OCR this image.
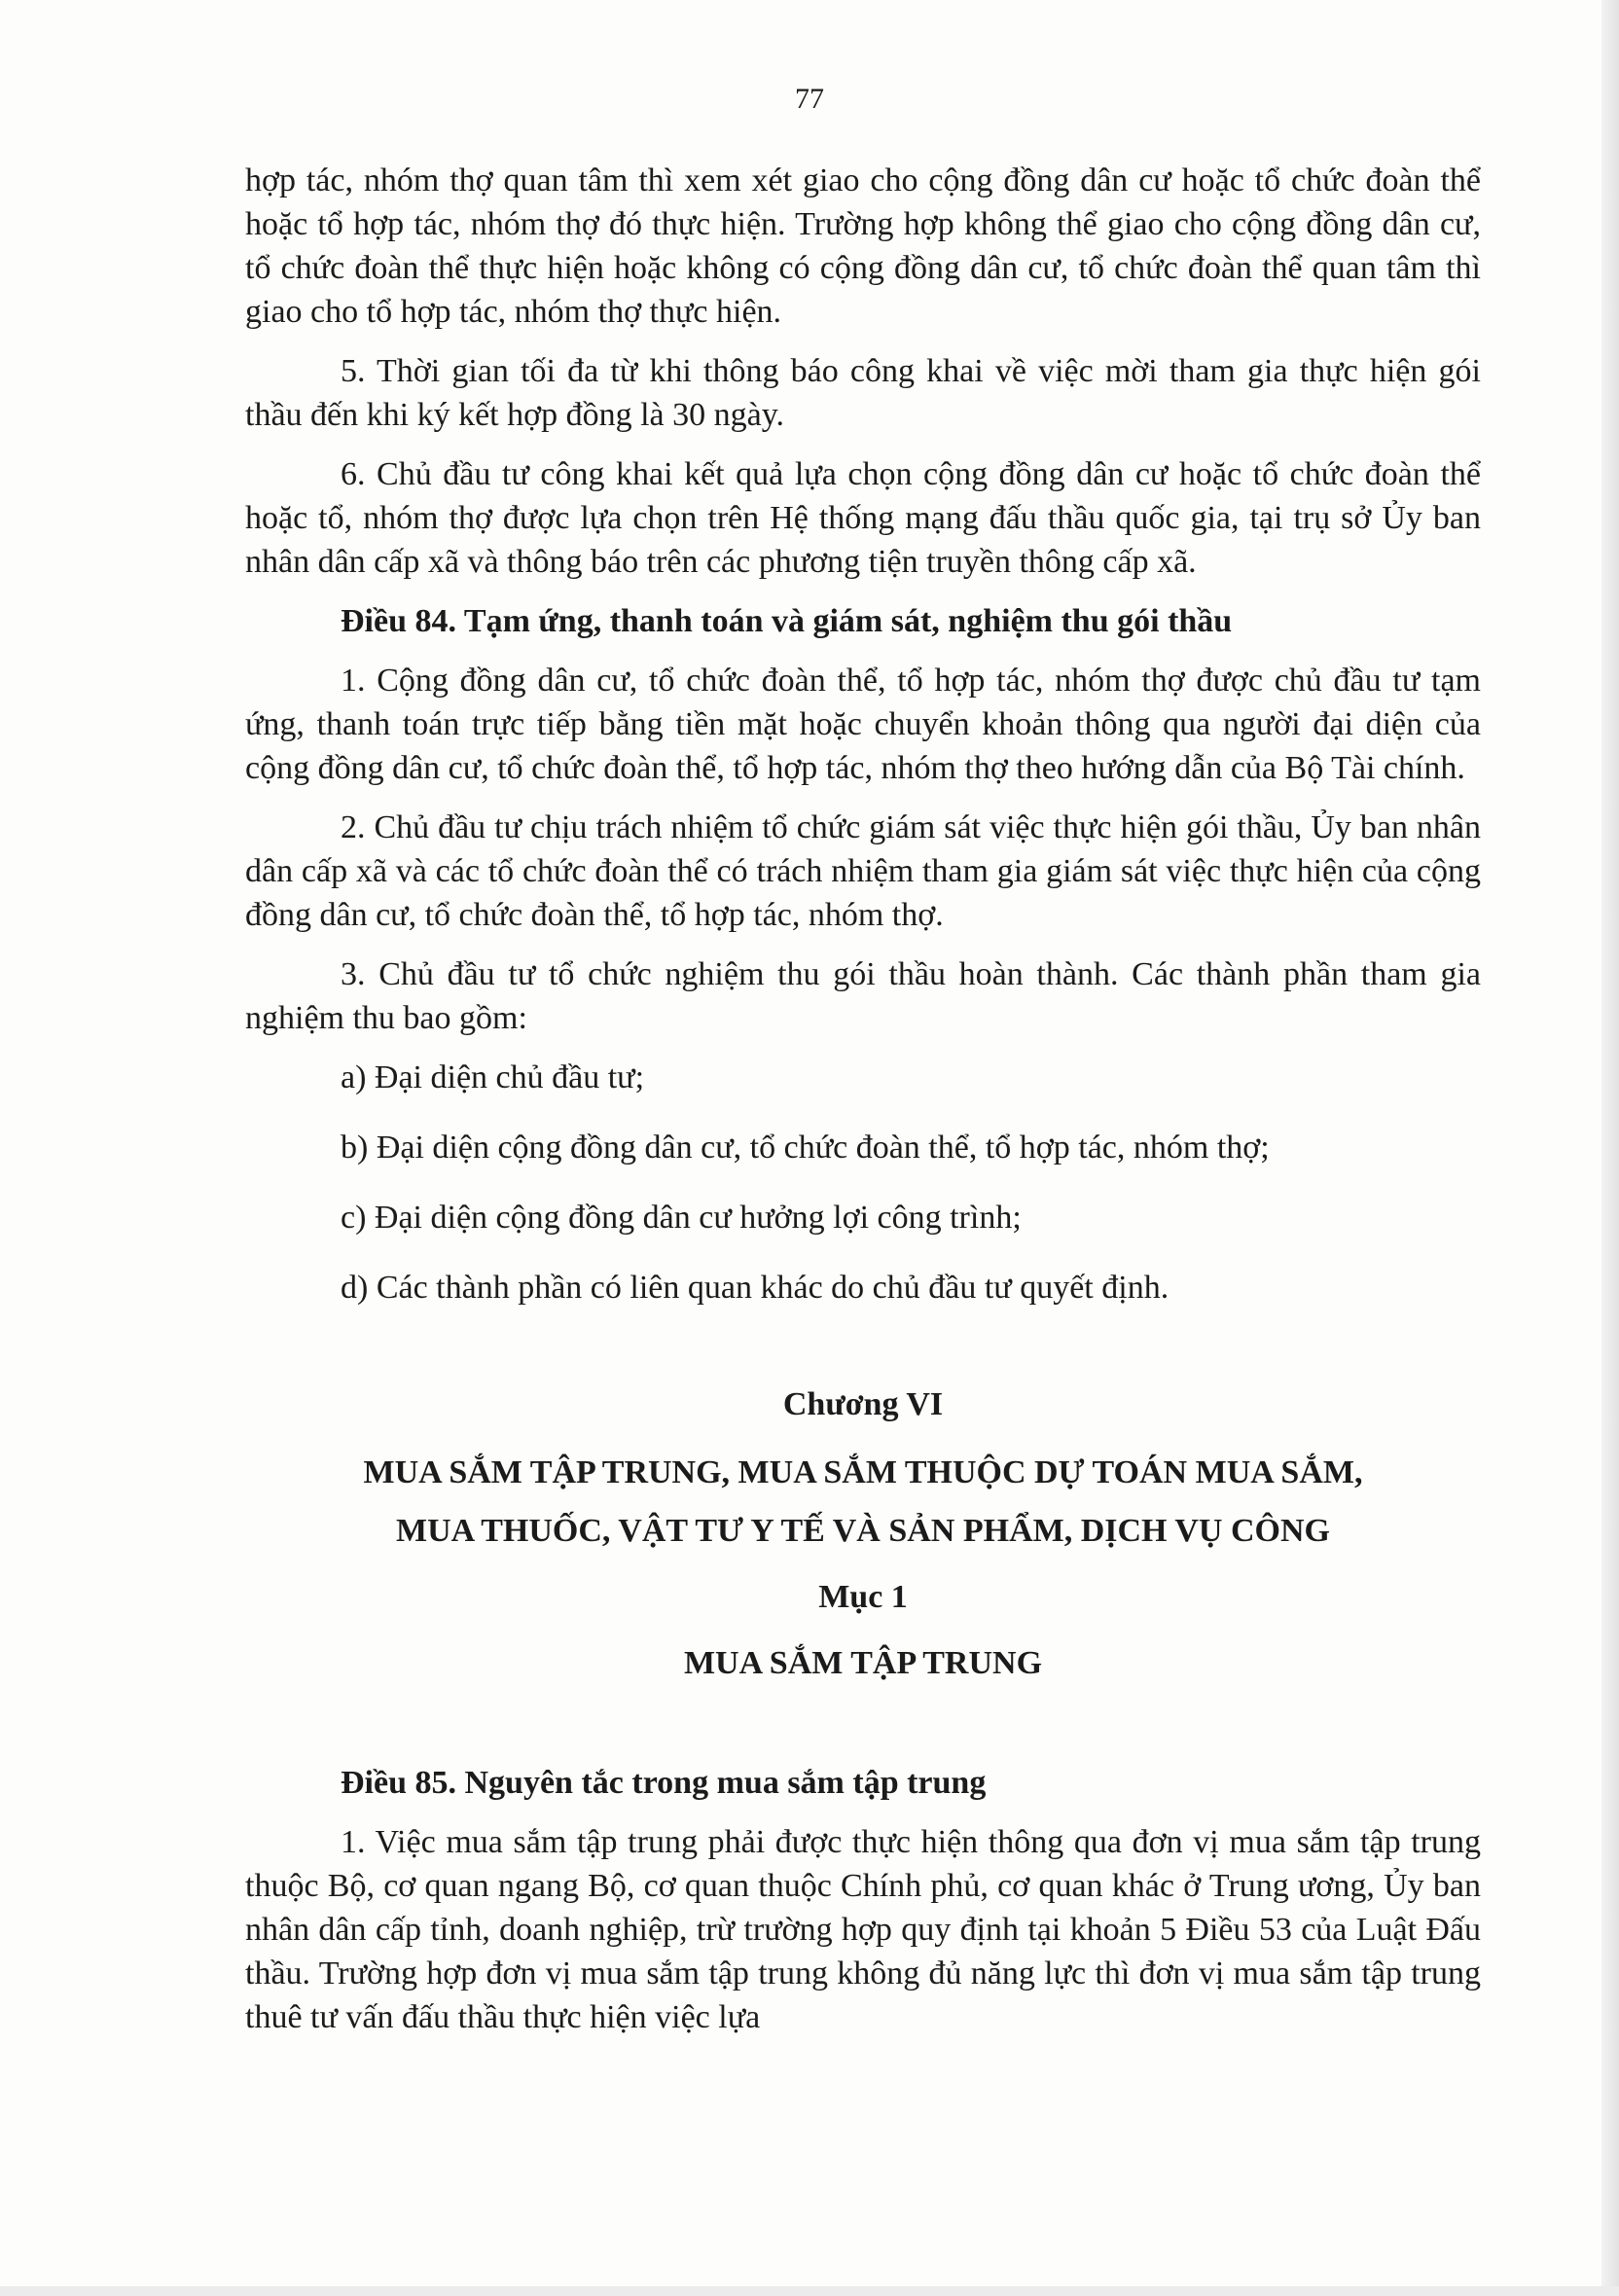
77

hợp tác, nhóm thợ quan tâm thì xem xét giao cho cộng đồng dân cư hoặc tổ chức đoàn thể hoặc tổ hợp tác, nhóm thợ đó thực hiện. Trường hợp không thể giao cho cộng đồng dân cư, tổ chức đoàn thể thực hiện hoặc không có cộng đồng dân cư, tổ chức đoàn thể quan tâm thì giao cho tổ hợp tác, nhóm thợ thực hiện.

5. Thời gian tối đa từ khi thông báo công khai về việc mời tham gia thực hiện gói thầu đến khi ký kết hợp đồng là 30 ngày.

6. Chủ đầu tư công khai kết quả lựa chọn cộng đồng dân cư hoặc tổ chức đoàn thể hoặc tổ, nhóm thợ được lựa chọn trên Hệ thống mạng đấu thầu quốc gia, tại trụ sở Ủy ban nhân dân cấp xã và thông báo trên các phương tiện truyền thông cấp xã.

Điều 84. Tạm ứng, thanh toán và giám sát, nghiệm thu gói thầu

1. Cộng đồng dân cư, tổ chức đoàn thể, tổ hợp tác, nhóm thợ được chủ đầu tư tạm ứng, thanh toán trực tiếp bằng tiền mặt hoặc chuyển khoản thông qua người đại diện của cộng đồng dân cư, tổ chức đoàn thể, tổ hợp tác, nhóm thợ theo hướng dẫn của Bộ Tài chính.

2. Chủ đầu tư chịu trách nhiệm tổ chức giám sát việc thực hiện gói thầu, Ủy ban nhân dân cấp xã và các tổ chức đoàn thể có trách nhiệm tham gia giám sát việc thực hiện của cộng đồng dân cư, tổ chức đoàn thể, tổ hợp tác, nhóm thợ.

3. Chủ đầu tư tổ chức nghiệm thu gói thầu hoàn thành. Các thành phần tham gia nghiệm thu bao gồm:

a) Đại diện chủ đầu tư;

b) Đại diện cộng đồng dân cư, tổ chức đoàn thể, tổ hợp tác, nhóm thợ;

c) Đại diện cộng đồng dân cư hưởng lợi công trình;

d) Các thành phần có liên quan khác do chủ đầu tư quyết định.

Chương VI

MUA SẮM TẬP TRUNG, MUA SẮM THUỘC DỰ TOÁN MUA SẮM,

MUA THUỐC, VẬT TƯ Y TẾ VÀ SẢN PHẨM, DỊCH VỤ CÔNG

Mục 1

MUA SẮM TẬP TRUNG

Điều 85. Nguyên tắc trong mua sắm tập trung

1. Việc mua sắm tập trung phải được thực hiện thông qua đơn vị mua sắm tập trung thuộc Bộ, cơ quan ngang Bộ, cơ quan thuộc Chính phủ, cơ quan khác ở Trung ương, Ủy ban nhân dân cấp tỉnh, doanh nghiệp, trừ trường hợp quy định tại khoản 5 Điều 53 của Luật Đấu thầu. Trường hợp đơn vị mua sắm tập trung không đủ năng lực thì đơn vị mua sắm tập trung thuê tư vấn đấu thầu thực hiện việc lựa
